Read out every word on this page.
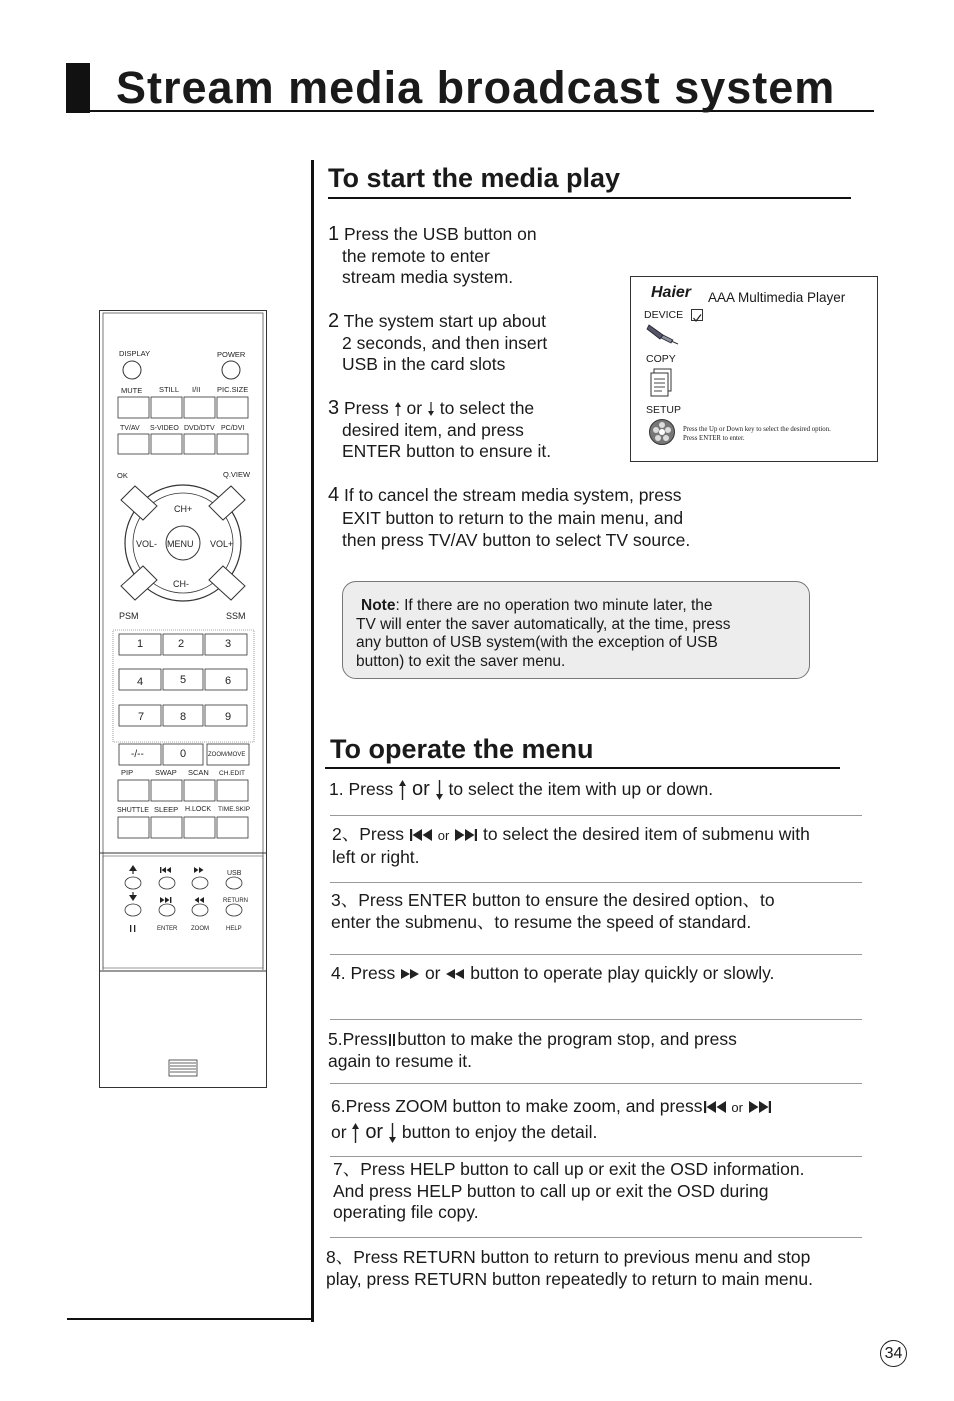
Stream media broadcast system
DISPLAY	POWER
MUTE STILL I/II PIC.SIZE
TV/AV S-VIDEO DVD/DTV PC/DVI
OK	Q.VIEW
CH+
CH-
VOL-	VOL+
MENU
PSM	SSM
1	2	3
4	5	6
7	8	9
-/--	0	ZOOM/MOVE
PIP	SWAP SCAN CH.EDIT
SHUTTLE SLEEP H.LOCK TIME.SKIP
USB
RETURN
ENTER ZOOM	HELP
To start the media play
1 Press the USB button on
the remote to enter
stream media system.
2 The system start up about
2 seconds, and then insert
USB in the card slots
3 Press or to select the
desired item, and press
ENTER button to ensure it.
4 If to cancel the stream media system, press
EXIT button to return to the main menu, and
then press TV/AV button to select TV source.
Haier AAA Multimedia Player
DEVICE
COPY
SETUP
Press the Up or Down key to select the desired option.
Press ENTER to enter.
Note: If there are no operation two minute later, the
TV will enter the saver automatically, at the time, press
any button of USB system(with the exception of USB
button) to exit the saver menu.
To operate the menu
1. Press or to select the item with up or down.
2、Press	or to select the desired item of submenu with
left or right.
3、Press ENTER button to ensure the desired option、to
enter the submenu、to resume the speed of standard.
4. Press or button to operate play quickly or slowly.
5.Press button to make the program stop, and press
again to resume it.
6.Press ZOOM button to make zoom, and press or
or or button to enjoy the detail.
7、Press HELP button to call up or exit the OSD information.
And press HELP button to call up or exit the OSD during
operating file copy.
8、Press RETURN button to return to previous menu and stop
play, press RETURN button repeatedly to return to main menu.
34
